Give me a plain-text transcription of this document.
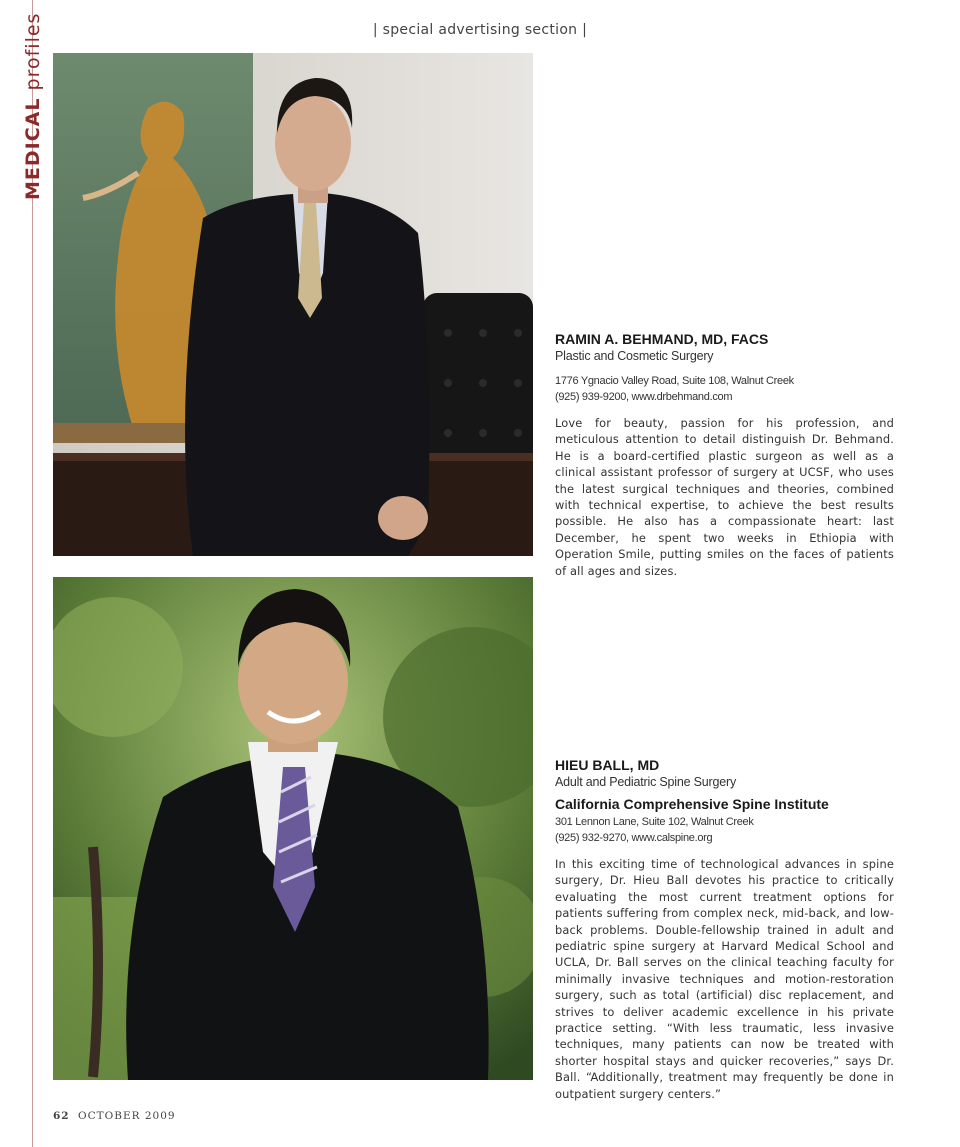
MEDICAL profiles	| special advertising section |

RAMIN A. BEHMAND, MD, FACS

Plastic and Cosmetic Surgery

1776 Ygnacio Valley Road, Suite 108, Walnut Creek

(925) 939-9200, www.drbehmand.com

Love for beauty, passion for his profession, and meticulous attention to detail distinguish Dr. Behmand. He is a board-certified plastic surgeon as well as a clinical assistant professor of surgery at UCSF, who uses the latest surgical techniques and theories, combined with technical expertise, to achieve the best results possible. He also has a compassionate heart: last December, he spent two weeks in Ethiopia with Operation Smile, putting smiles on the faces of patients of all ages and sizes.

HIEU BALL, MD

Adult and Pediatric Spine Surgery

California Comprehensive Spine Institute

301 Lennon Lane, Suite 102, Walnut Creek

(925) 932-9270, www.calspine.org

In this exciting time of technological advances in spine surgery, Dr. Hieu Ball devotes his practice to critically evaluating the most current treatment options for patients suffering from complex neck, mid-back, and low-back problems. Double-fellowship trained in adult and pediatric spine surgery at Harvard Medical School and UCLA, Dr. Ball serves on the clinical teaching faculty for minimally invasive techniques and motion-restoration surgery, such as total (artificial) disc replacement, and strives to deliver academic excellence in his private practice setting. “With less traumatic, less invasive techniques, many patients can now be treated with shorter hospital stays and quicker recoveries,” says Dr. Ball. “Additionally, treatment may frequently be done in outpatient surgery centers.”

62 OCTOBER 2009
